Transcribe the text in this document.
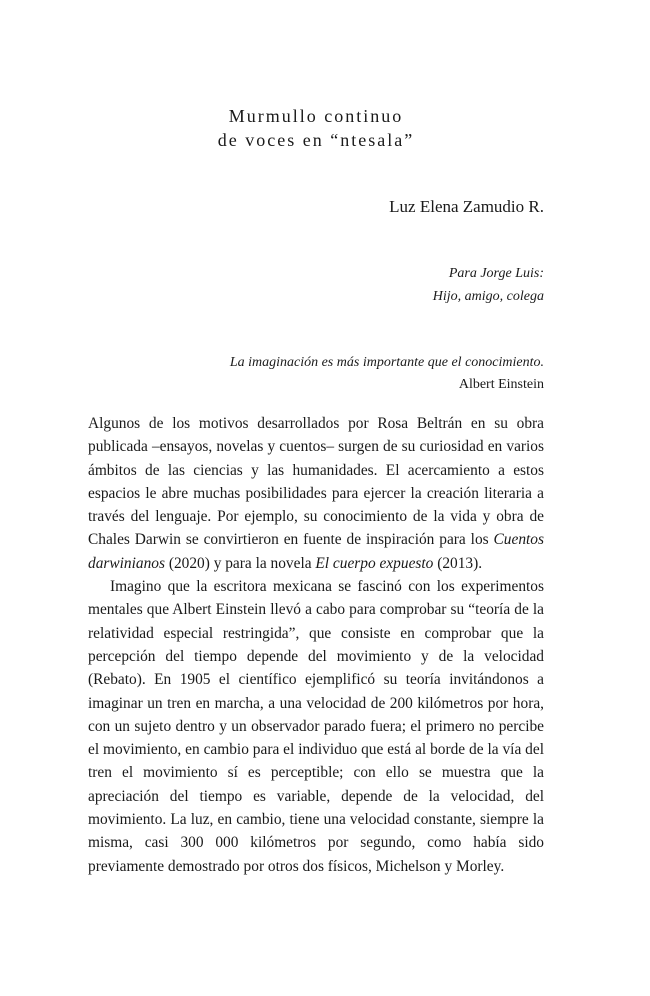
Murmullo continuo
de voces en “ntesala”
Luz Elena Zamudio R.
Para Jorge Luis:
Hijo, amigo, colega
La imaginación es más importante que el conocimiento.
Albert Einstein

Algunos de los motivos desarrollados por Rosa Beltrán en su obra publicada –ensayos, novelas y cuentos– surgen de su curiosidad en varios ámbitos de las ciencias y las humanidades. El acercamiento a estos espacios le abre muchas posibilidades para ejercer la creación literaria a través del lenguaje. Por ejemplo, su conocimiento de la vida y obra de Chales Darwin se convirtieron en fuente de inspiración para los Cuentos darwinianos (2020) y para la novela El cuerpo expuesto (2013).

Imagino que la escritora mexicana se fascinó con los experimentos mentales que Albert Einstein llevó a cabo para comprobar su “teoría de la relatividad especial restringida”, que consiste en comprobar que la percepción del tiempo depende del movimiento y de la velocidad (Rebato). En 1905 el científico ejemplificó su teoría invitándonos a imaginar un tren en marcha, a una velocidad de 200 kilómetros por hora, con un sujeto dentro y un observador parado fuera; el primero no percibe el movimiento, en cambio para el individuo que está al borde de la vía del tren el movimiento sí es perceptible; con ello se muestra que la apreciación del tiempo es variable, depende de la velocidad, del movimiento. La luz, en cambio, tiene una velocidad constante, siempre la misma, casi 300 000 kilómetros por segundo, como había sido previamente demostrado por otros dos físicos, Michelson y Morley.
